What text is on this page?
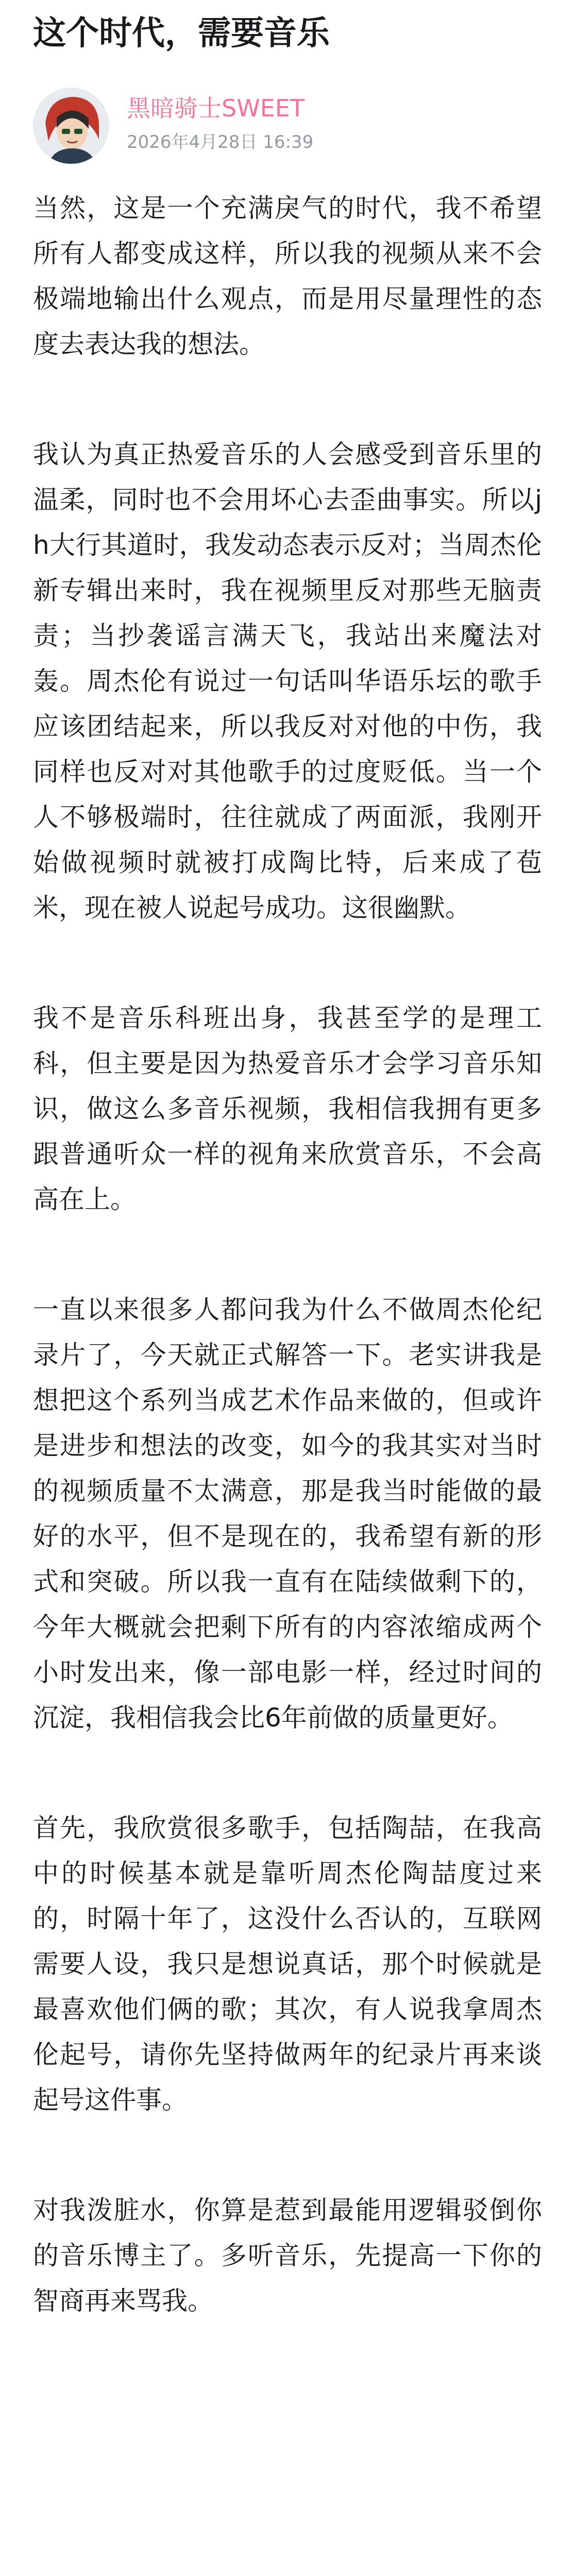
这个时代，需要音乐
黑暗骑士SWEET
2026年4月28日 16:39

当然，这是一个充满戾气的时代，我不希望所有人都变成这样，所以我的视频从来不会极端地输出什么观点，而是用尽量理性的态度去表达我的想法。

我认为真正热爱音乐的人会感受到音乐里的温柔，同时也不会用坏心去歪曲事实。所以jh大行其道时，我发动态表示反对；当周杰伦新专辑出来时，我在视频里反对那些无脑责责；当抄袭谣言满天飞，我站出来魔法对轰。周杰伦有说过一句话叫华语乐坛的歌手应该团结起来，所以我反对对他的中伤，我同样也反对对其他歌手的过度贬低。当一个人不够极端时，往往就成了两面派，我刚开始做视频时就被打成陶比特，后来成了苞米，现在被人说起号成功。这很幽默。

我不是音乐科班出身，我甚至学的是理工科，但主要是因为热爱音乐才会学习音乐知识，做这么多音乐视频，我相信我拥有更多跟普通听众一样的视角来欣赏音乐，不会高高在上。

一直以来很多人都问我为什么不做周杰伦纪录片了，今天就正式解答一下。老实讲我是想把这个系列当成艺术作品来做的，但或许是进步和想法的改变，如今的我其实对当时的视频质量不太满意，那是我当时能做的最好的水平，但不是现在的，我希望有新的形式和突破。所以我一直有在陆续做剩下的，今年大概就会把剩下所有的内容浓缩成两个小时发出来，像一部电影一样，经过时间的沉淀，我相信我会比6年前做的质量更好。

首先，我欣赏很多歌手，包括陶喆，在我高中的时候基本就是靠听周杰伦陶喆度过来的，时隔十年了，这没什么否认的，互联网需要人设，我只是想说真话，那个时候就是最喜欢他们俩的歌；其次，有人说我拿周杰伦起号，请你先坚持做两年的纪录片再来谈起号这件事。

对我泼脏水，你算是惹到最能用逻辑驳倒你的音乐博主了。多听音乐，先提高一下你的智商再来骂我。
